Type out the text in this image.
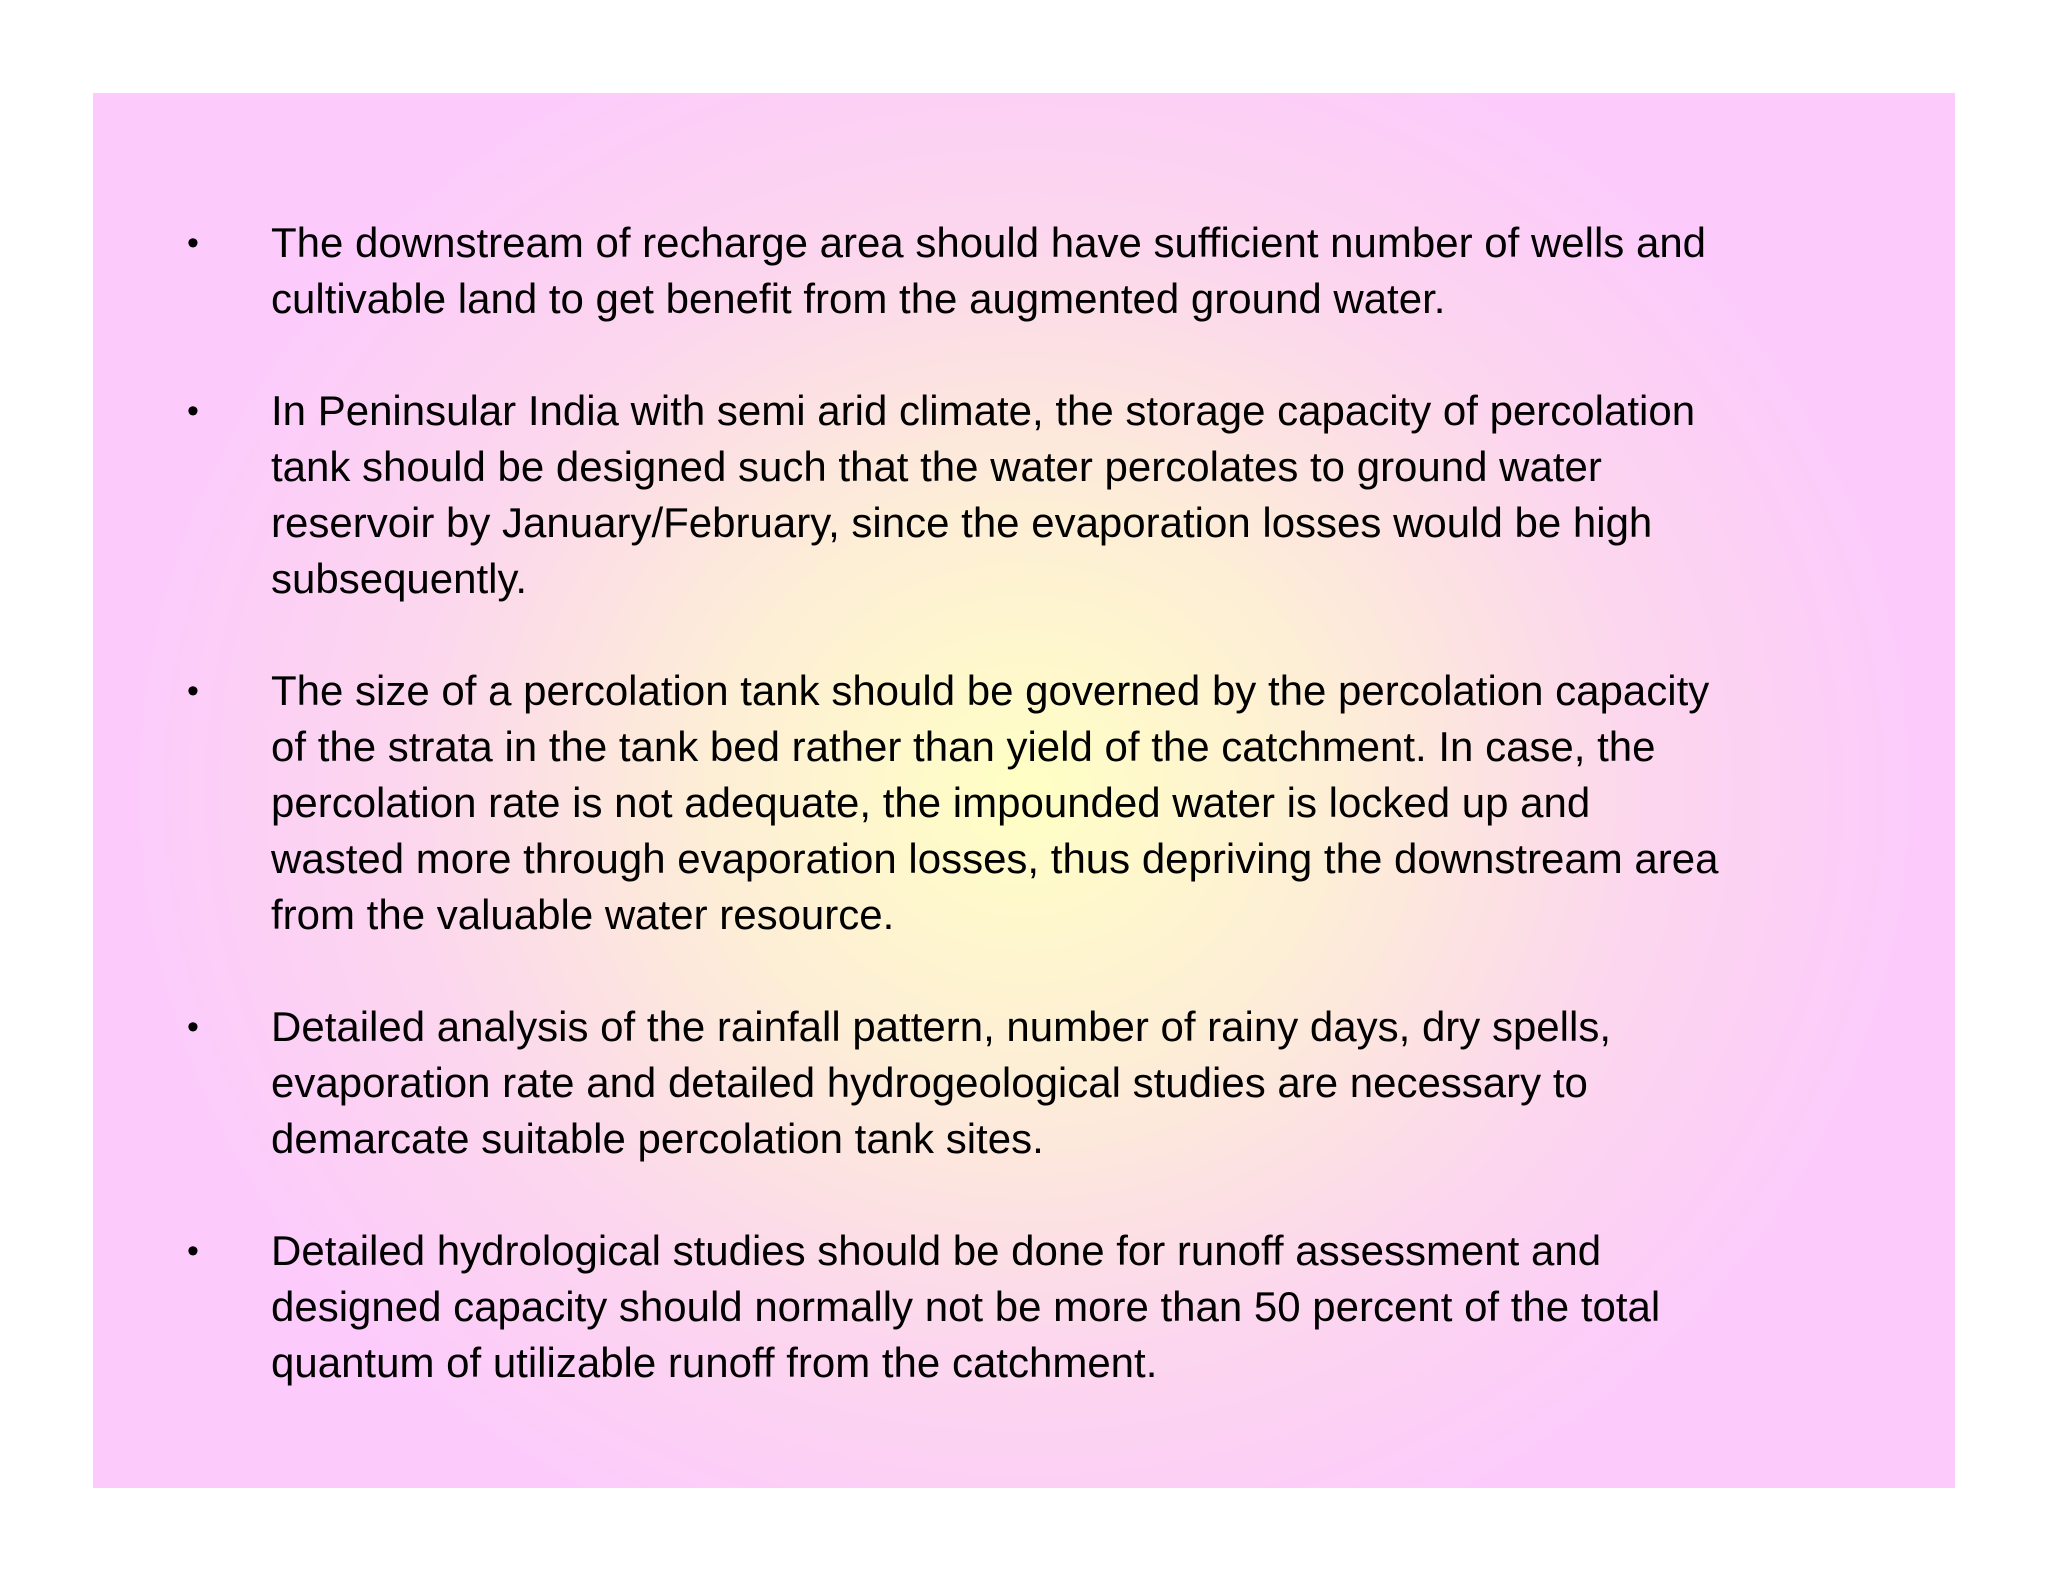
• The downstream of recharge area should have sufficient number of wells and
cultivable land to get benefit from the augmented ground water.
• In Peninsular India with semi arid climate, the storage capacity of percolation
tank should be designed such that the water percolates to ground water
reservoir by January/February, since the evaporation losses would be high
subsequently.
• The size of a percolation tank should be governed by the percolation capacity
of the strata in the tank bed rather than yield of the catchment. In case, the
percolation rate is not adequate, the impounded water is locked up and
wasted more through evaporation losses, thus depriving the downstream area
from the valuable water resource.
• Detailed analysis of the rainfall pattern, number of rainy days, dry spells,
evaporation rate and detailed hydrogeological studies are necessary to
demarcate suitable percolation tank sites.
• Detailed hydrological studies should be done for runoff assessment and
designed capacity should normally not be more than 50 percent of the total
quantum of utilizable runoff from the catchment.
